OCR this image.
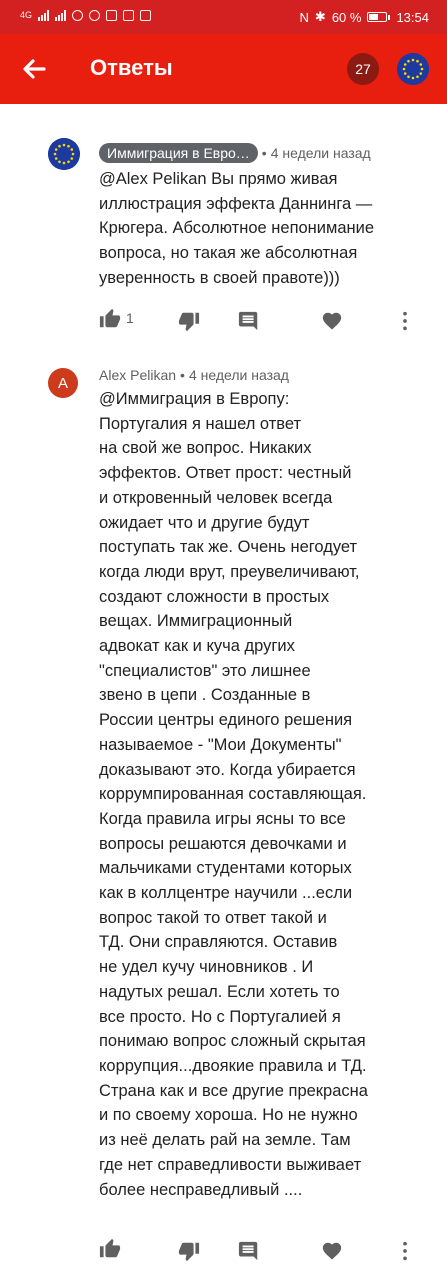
4G	N ✱ 60 %	13:54
Ответы	27
Иммиграция в Евро… • 4 недели назад
@Alex Pelikan Вы прямо живая
иллюстрация эффекта Даннинга —
Крюгера. Абсолютное непонимание
вопроса, но такая же абсолютная
уверенность в своей правоте)))
1
A	Alex Pelikan • 4 недели назад
@Иммиграция в Европу:
Португалия я нашел ответ
на свой же вопрос. Никаких
эффектов. Ответ прост: честный
и откровенный человек всегда
ожидает что и другие будут
поступать так же. Очень негодует
когда люди врут, преувеличивают,
создают сложности в простых
вещах. Иммиграционный
адвокат как и куча других
"специалистов" это лишнее
звено в цепи . Созданные в
России центры единого решения
называемое - "Мои Документы"
доказывают это. Когда убирается
коррумпированная составляющая.
Когда правила игры ясны то все
вопросы решаются девочками и
мальчиками студентами которых
как в коллцентре научили ...если
вопрос такой то ответ такой и
ТД. Они справляются. Оставив
не удел кучу чиновников . И
надутых решал. Если хотеть то
все просто. Но с Португалией я
понимаю вопрос сложный скрытая
коррупция...двоякие правила и ТД.
Страна как и все другие прекрасна
и по своему хороша. Но не нужно
из неё делать рай на земле. Там
где нет справедливости выживает
более несправедливый ....
